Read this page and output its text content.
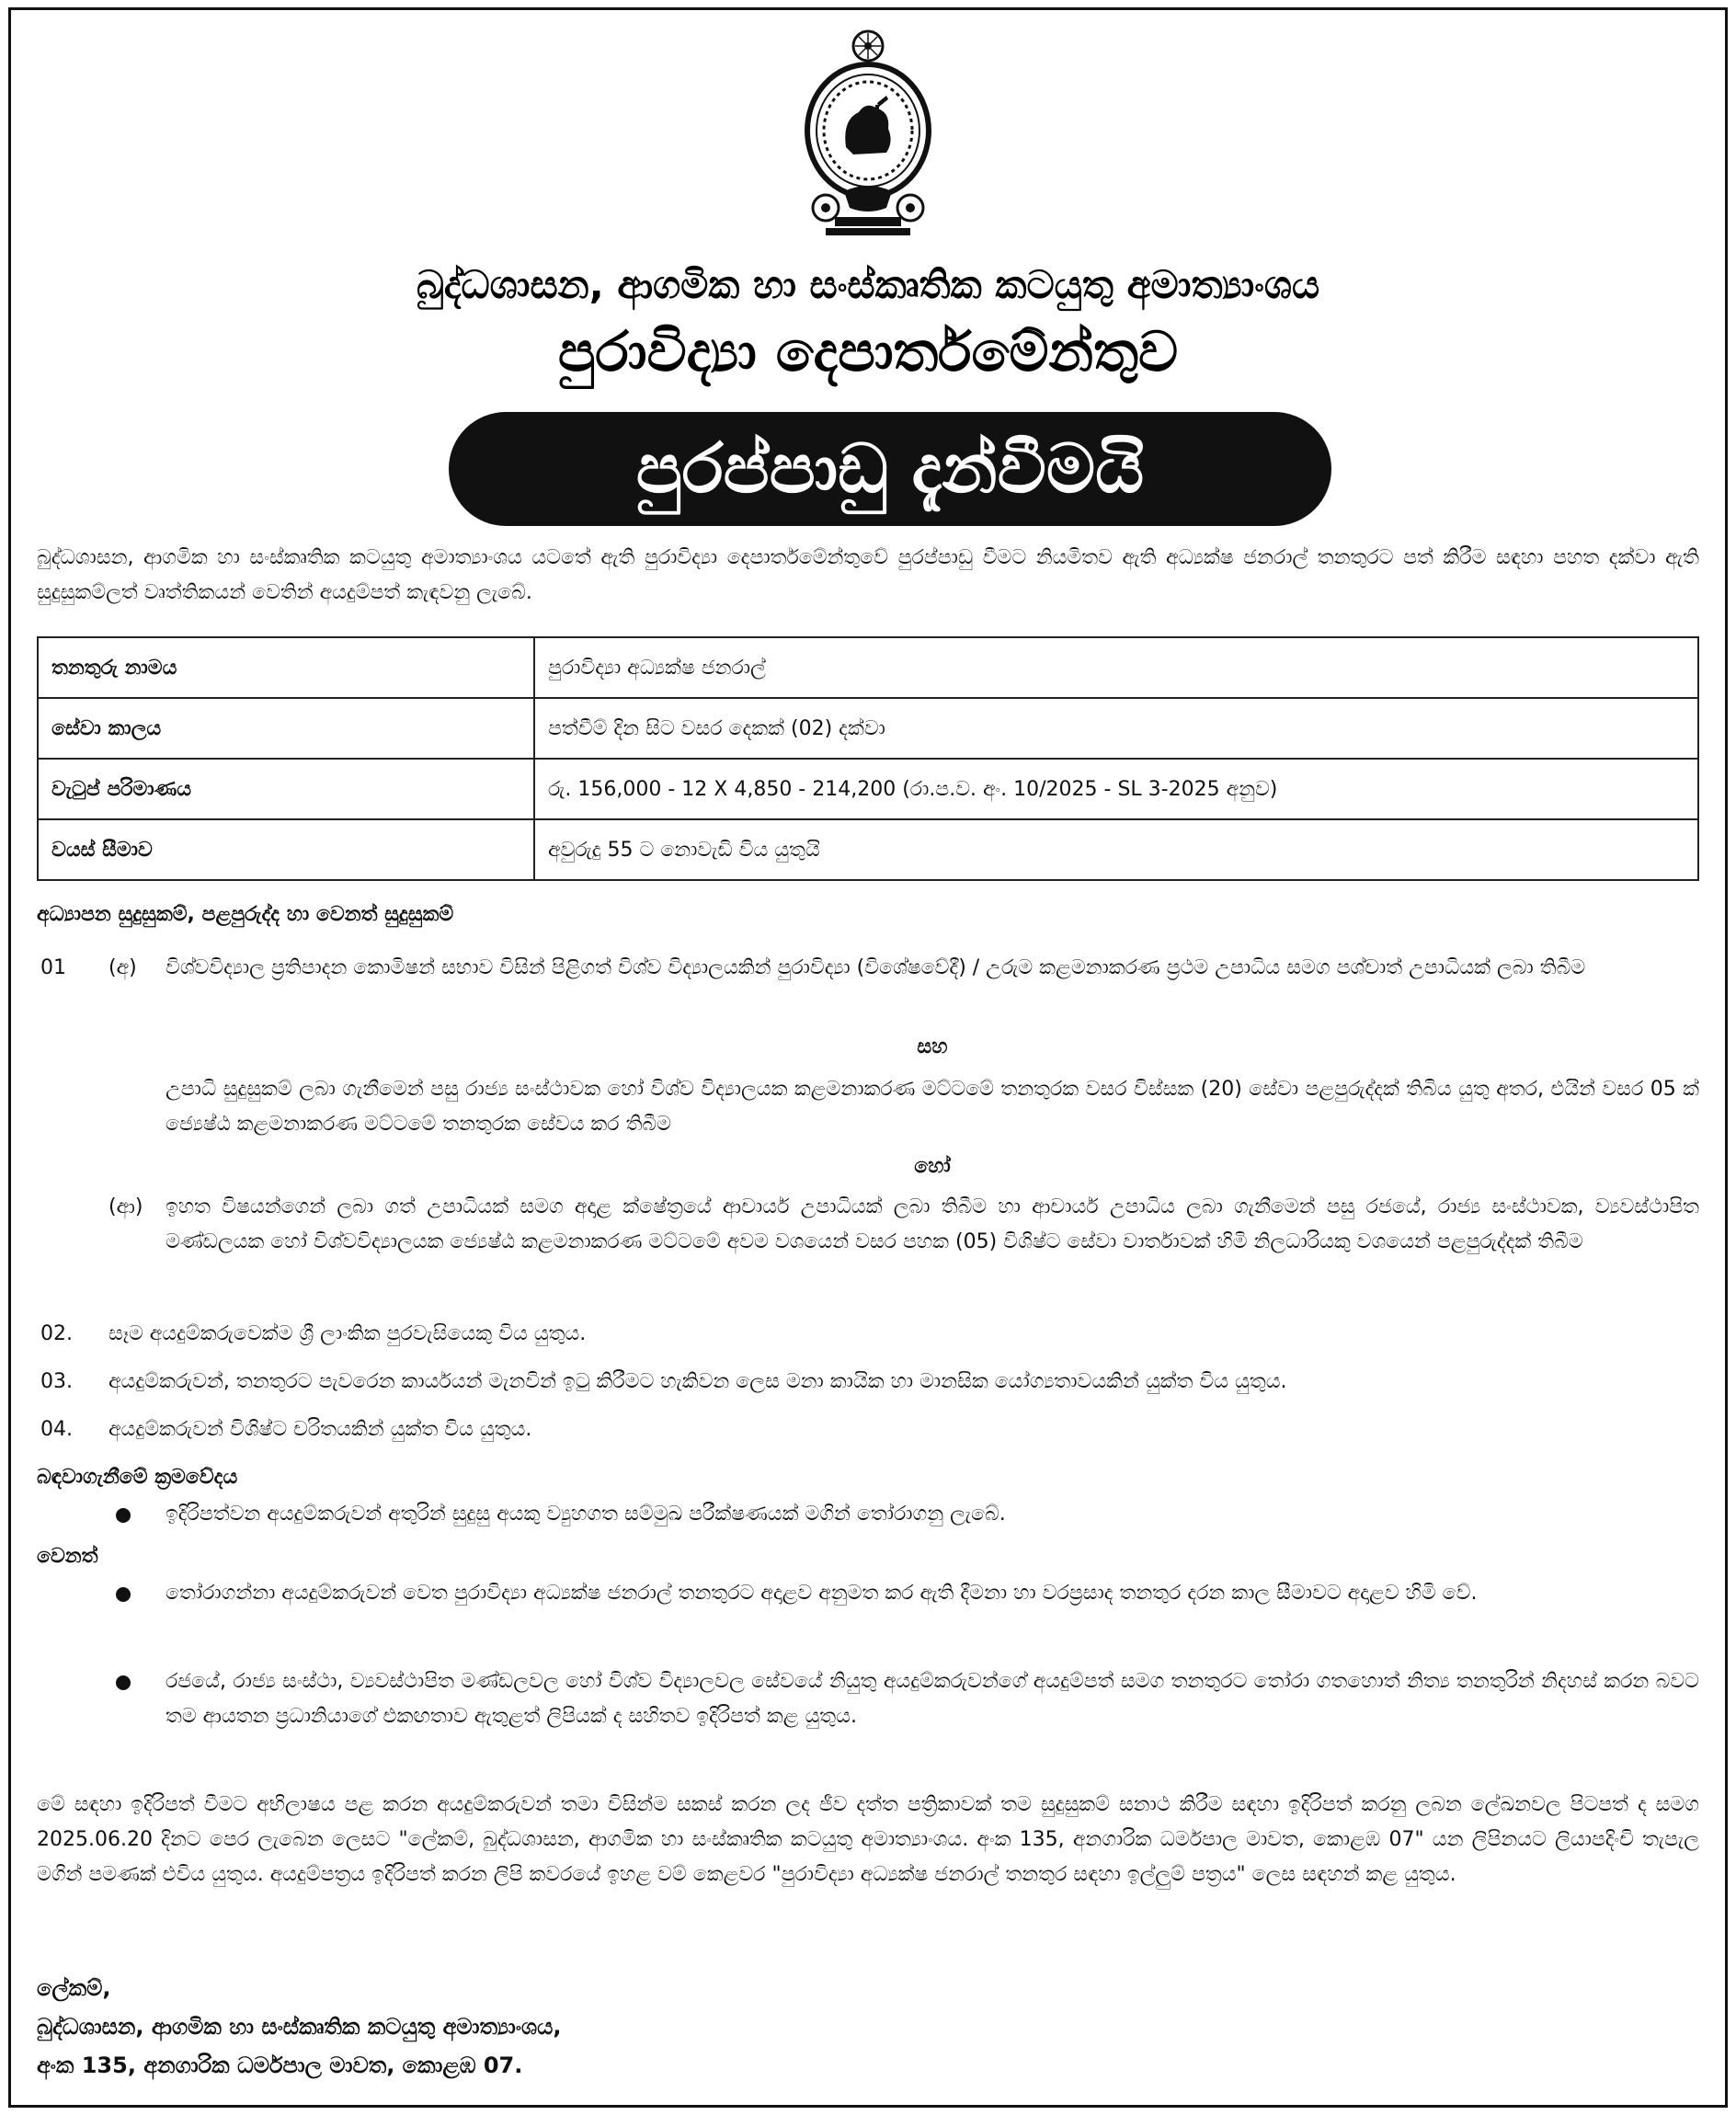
බුද්ධශාසන, ආගමික හා සංස්කෘතික කටයුතු අමාත්‍යාංශය
පුරාවිද්‍යා දෙපාර්තමේන්තුව
පුරප්පාඩු දැන්වීමයි

බුද්ධශාසන, ආගමික හා සංස්කෘතික කටයුතු අමාත්‍යාංශය යටතේ ඇති පුරාවිද්‍යා දෙපාර්තමේන්තුවේ පුරප්පාඩු වීමට නියමිතව ඇති අධ්‍යක්ෂ ජනරාල් තනතුරට පත් කිරීම සඳහා පහත දක්වා ඇති සුදුසුකම්ලත් වෘත්තිකයන් වෙතින් අයදුම්පත් කැඳවනු ලැබේ.

තනතුරු නාමය	පුරාවිද්‍යා අධ්‍යක්ෂ ජනරාල්
සේවා කාලය	පත්වීම් දින සිට වසර දෙකක් (02) දක්වා
වැටුප් පරිමාණය	රු. 156,000 - 12 X 4,850 - 214,200 (රා.ප.ව. අං. 10/2025 - SL 3-2025 අනුව)
වයස් සීමාව	අවුරුදු 55 ට නොවැඩි විය යුතුයි
අධ්‍යාපන සුදුසුකම්, පළපුරුද්ද හා වෙනත් සුදුසුකම්
01 (අ) විශ්වවිද්‍යාල ප්‍රතිපාදන කොමිෂන් සභාව විසින් පිළිගත් විශ්ව විද්‍යාලයකින් පුරාවිද්‍යා (විශේෂවේදී) / උරුම කළමනාකරණ ප්‍රථම උපාධිය සමග පශ්චාත් උපාධියක් ලබා තිබීම

සහ

උපාධි සුදුසුකම් ලබා ගැනීමෙන් පසු රාජ්‍ය සංස්ථාවක හෝ විශ්ව විද්‍යාලයක කළමනාකරණ මට්ටමේ තනතුරක වසර විස්සක (20) සේවා පළපුරුද්දක් තිබිය යුතු අතර, එයින් වසර 05 ක් ජ්‍යෙෂ්ඨ කළමනාකරණ මට්ටමේ තනතුරක සේවය කර තිබීම

හෝ
(ආ) ඉහත විෂයන්ගෙන් ලබා ගත් උපාධියක් සමග අදාළ ක්ෂේත්‍රයේ ආචාර්ය උපාධියක් ලබා තිබීම හා ආචාර්ය උපාධිය ලබා ගැනීමෙන් පසු රජයේ, රාජ්‍ය සංස්ථාවක, ව්‍යවස්ථාපිත මණ්ඩලයක හෝ විශ්වවිද්‍යාලයක ජ්‍යෙෂ්ඨ කළමනාකරණ මට්ටමේ අවම වශයෙන් වසර පහක (05) විශිෂ්ට සේවා වාර්තාවක් හිමි නිලධාරියකු වශයෙන් පළපුරුද්දක් තිබීම

02. සෑම අයදුම්කරුවෙක්ම ශ්‍රී ලාංකික පුරවැසියෙකු විය යුතුය.

03. අයදුම්කරුවන්, තනතුරට පැවරෙන කාර්යයන් මැනවින් ඉටු කිරීමට හැකිවන ලෙස මනා කායික හා මානසික යෝග්‍යතාවයකින් යුක්ත විය යුතුය.

04. අයදුම්කරුවන් විශිෂ්ට චරිතයකින් යුක්ත විය යුතුය.

බඳවාගැනීමේ ක්‍රමවේදය

ඉදිරිපත්වන අයදුම්කරුවන් අතුරින් සුදුසු අයකු ව්‍යුහගත සම්මුඛ පරීක්ෂණයක් මගින් තෝරාගනු ලැබේ.

වෙනත්

තෝරාගන්නා අයදුම්කරුවන් වෙත පුරාවිද්‍යා අධ්‍යක්ෂ ජනරාල් තනතුරට අදාළව අනුමත කර ඇති දීමනා හා වරප්‍රසාද තනතුර දරන කාල සීමාවට අදාළව හිමි වේ.

රජයේ, රාජ්‍ය සංස්ථා, ව්‍යවස්ථාපිත මණ්ඩලවල හෝ විශ්ව විද්‍යාලවල සේවයේ නියුතු අයදුම්කරුවන්ගේ අයදුම්පත් සමග තනතුරට තෝරා ගතහොත් නිත්‍ය තනතුරින් නිදහස් කරන බවට තම ආයතන ප්‍රධානියාගේ එකඟතාව ඇතුළත් ලිපියක් ද සහිතව ඉදිරිපත් කළ යුතුය.

මේ සඳහා ඉදිරිපත් වීමට අභිලාෂය පළ කරන අයදුම්කරුවන් තමා විසින්ම සකස් කරන ලද ජීව දත්ත පත්‍රිකාවක් තම සුදුසුකම් සනාථ කිරීම සඳහා ඉදිරිපත් කරනු ලබන ලේඛනවල පිටපත් ද සමග 2025.06.20 දිනට පෙර ලැබෙන ලෙසට "ලේකම්, බුද්ධශාසන, ආගමික හා සංස්කෘතික කටයුතු අමාත්‍යාංශය. අංක 135, අනගාරික ධර්මපාල මාවත, කොළඹ 07" යන ලිපිනයට ලියාපදිංචි තැපැල මගින් පමණක් එවිය යුතුය. අයදුම්පත්‍රය ඉදිරිපත් කරන ලිපි කවරයේ ඉහළ වම් කෙළවර "පුරාවිද්‍යා අධ්‍යක්ෂ ජනරාල් තනතුර සඳහා ඉල්ලුම් පත්‍රය" ලෙස සඳහන් කළ යුතුය.

ලේකම්,
බුද්ධශාසන, ආගමික හා සංස්කෘතික කටයුතු අමාත්‍යාංශය,
අංක 135, අනගාරික ධර්මපාල මාවත, කොළඹ 07.
